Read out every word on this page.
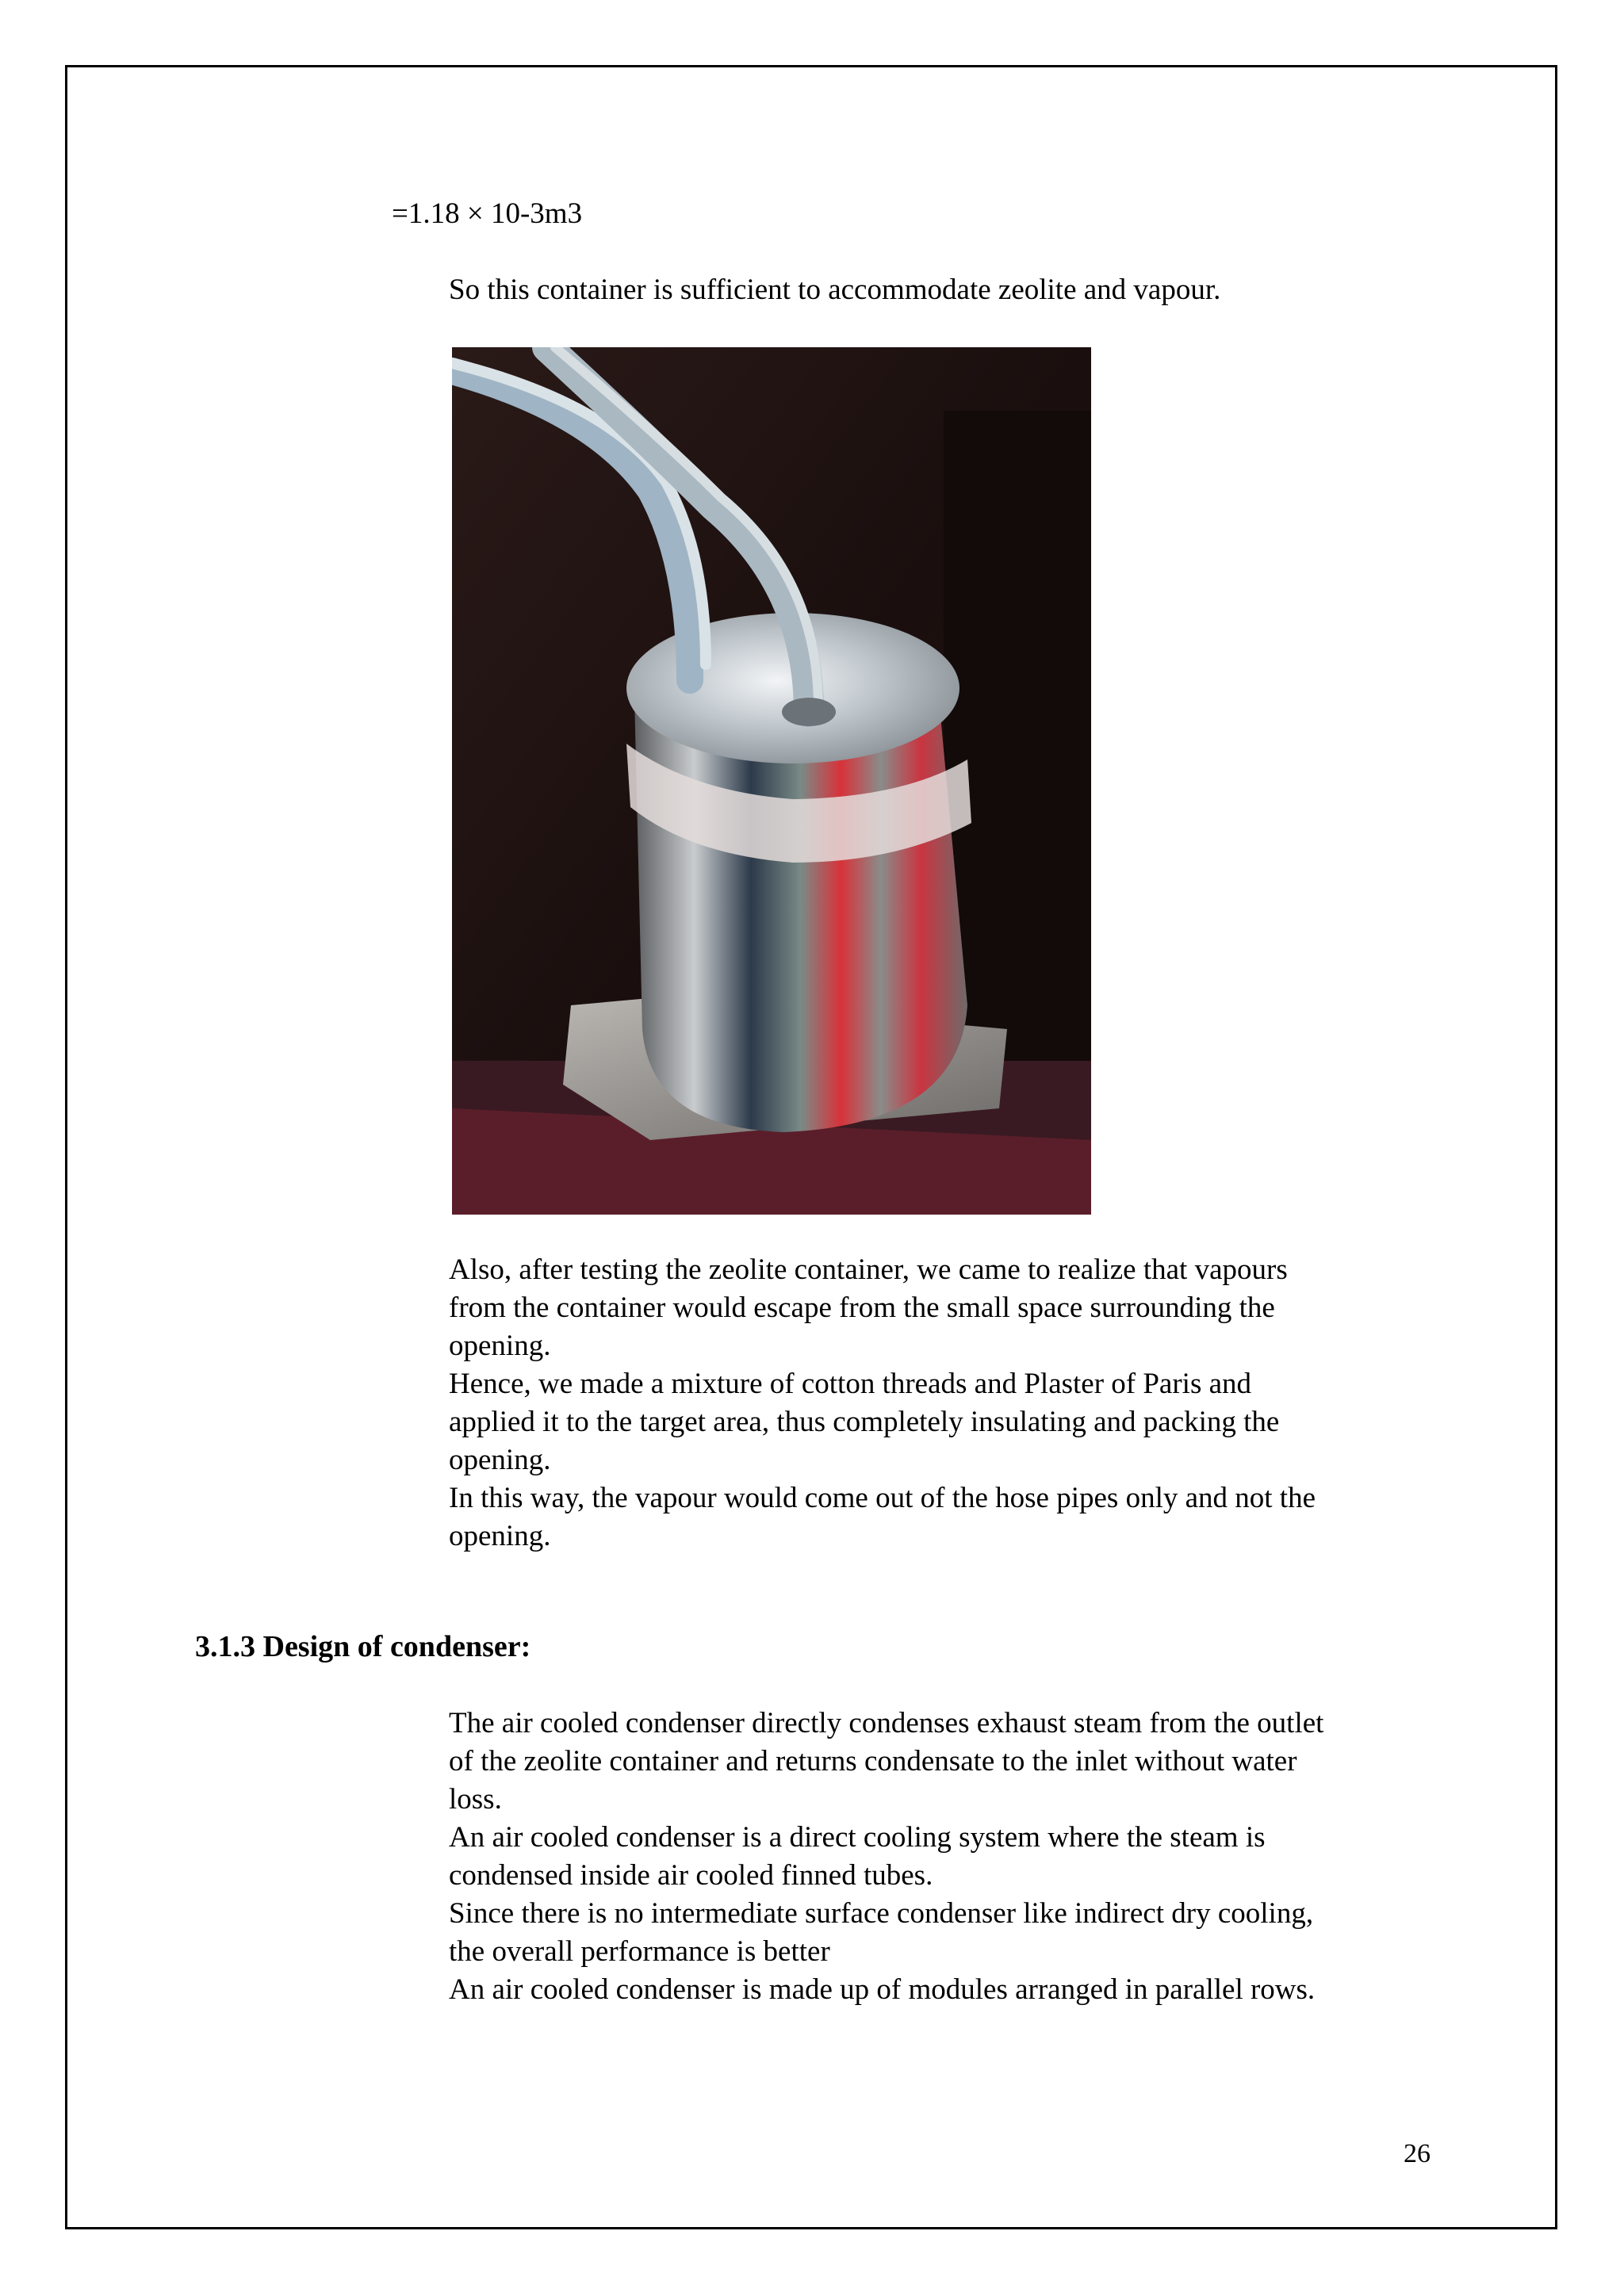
=1.18 × 10-3m3
So this container is sufficient to accommodate zeolite and vapour.
Also, after testing the zeolite container, we came to realize that vapours
from the container would escape from the small space surrounding the
opening.
Hence, we made a mixture of cotton threads and Plaster of Paris and
applied it to the target area, thus completely insulating and packing the
opening.
In this way, the vapour would come out of the hose pipes only and not the
opening.
3.1.3 Design of condenser:
The air cooled condenser directly condenses exhaust steam from the outlet
of the zeolite container and returns condensate to the inlet without water
loss.
An air cooled condenser is a direct cooling system where the steam is
condensed inside air cooled finned tubes.
Since there is no intermediate surface condenser like indirect dry cooling,
the overall performance is better
An air cooled condenser is made up of modules arranged in parallel rows.
26
